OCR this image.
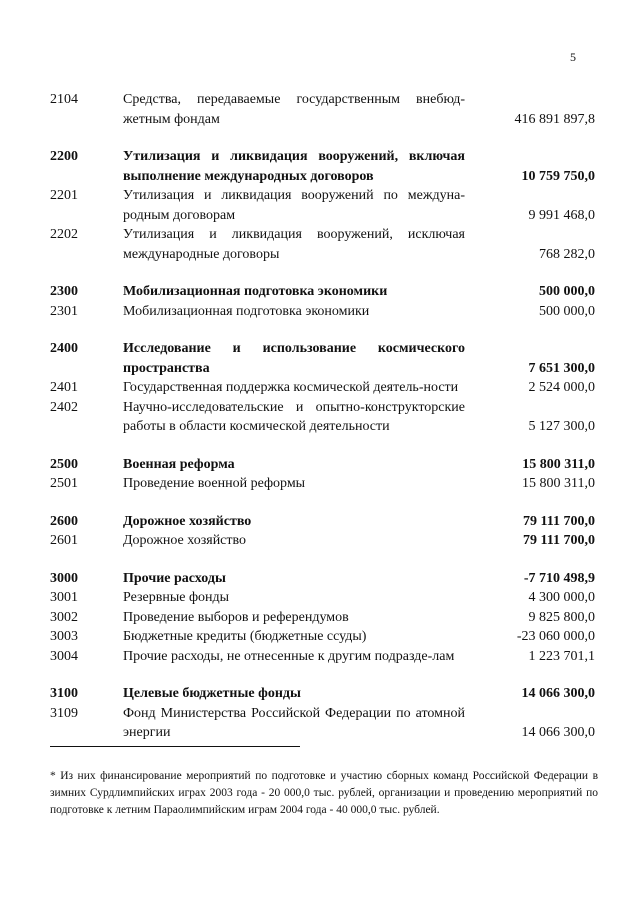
5
2104	Средства, передаваемые государственным внебюд-жетным фондам	416 891 897,8
2200	Утилизация и ликвидация вооружений, включая выполнение международных договоров	10 759 750,0
2201	Утилизация и ликвидация вооружений по междуна-родным договорам	9 991 468,0
2202	Утилизация и ликвидация вооружений, исключая международные договоры	768 282,0
2300	Мобилизационная подготовка экономики	500 000,0
2301	Мобилизационная подготовка экономики	500 000,0
2400	Исследование и использование космического пространства	7 651 300,0
2401	Государственная поддержка космической деятель-ности	2 524 000,0
2402	Научно-исследовательские и опытно-конструкторские работы в области космической деятельности	5 127 300,0
2500	Военная реформа	15 800 311,0
2501	Проведение военной реформы	15 800 311,0
2600	Дорожное хозяйство	79 111 700,0
2601	Дорожное хозяйство	79 111 700,0
3000	Прочие расходы	-7 710 498,9
3001	Резервные фонды	4 300 000,0
3002	Проведение выборов и референдумов	9 825 800,0
3003	Бюджетные кредиты (бюджетные ссуды)	-23 060 000,0
3004	Прочие расходы, не отнесенные к другим подразде-лам	1 223 701,1
3100	Целевые бюджетные фонды	14 066 300,0
3109	Фонд Министерства Российской Федерации по атомной энергии	14 066 300,0
* Из них финансирование мероприятий по подготовке и участию сборных команд Российской Федерации в зимних Сурдлимпийских играх 2003 года - 20 000,0 тыс. рублей, организации и проведению мероприятий по подготовке к летним Параолимпийским играм 2004 года - 40 000,0 тыс. рублей.
